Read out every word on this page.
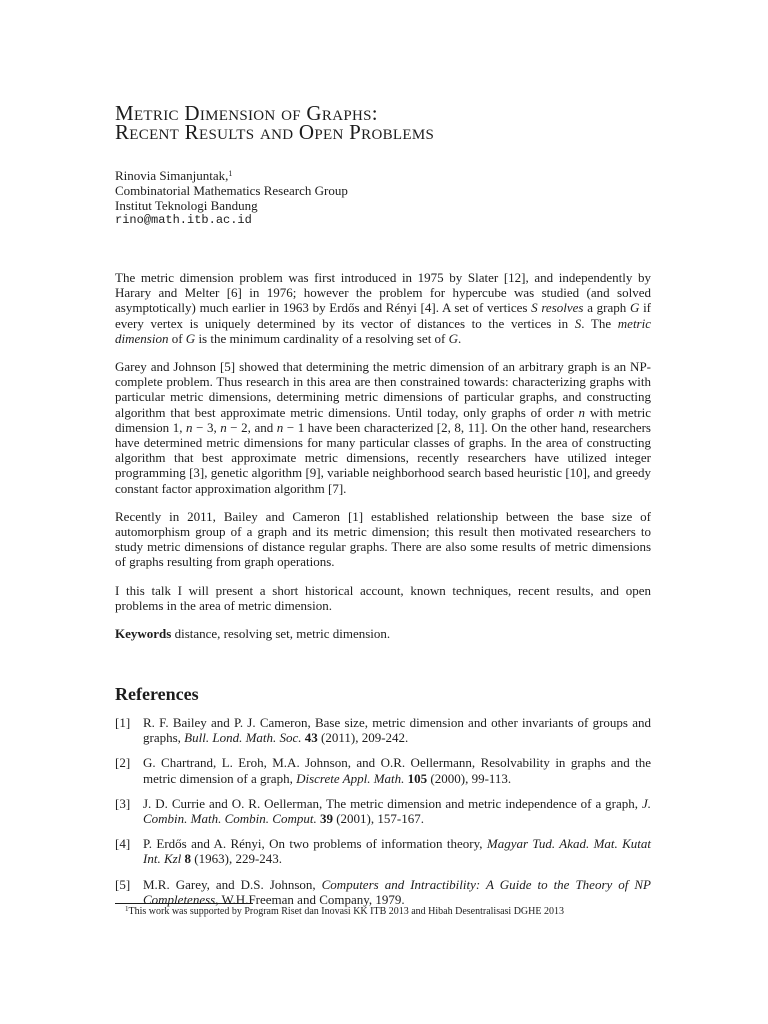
Metric Dimension of Graphs:
Recent Results and Open Problems
Rinovia Simanjuntak,$^1$
Combinatorial Mathematics Research Group
Institut Teknologi Bandung
rino@math.itb.ac.id

The metric dimension problem was first introduced in 1975 by Slater [12], and independently by Harary and Melter [6] in 1976; however the problem for hypercube was studied (and solved asymptotically) much earlier in 1963 by Erdős and Rényi [4]. A set of vertices S resolves a graph G if every vertex is uniquely determined by its vector of distances to the vertices in S. The metric dimension of G is the minimum cardinality of a resolving set of G.

Garey and Johnson [5] showed that determining the metric dimension of an arbitrary graph is an NP-complete problem. Thus research in this area are then constrained towards: characterizing graphs with particular metric dimensions, determining metric dimensions of particular graphs, and constructing algorithm that best approximate metric dimensions. Until today, only graphs of order n with metric dimension 1, n − 3, n − 2, and n − 1 have been characterized [2, 8, 11]. On the other hand, researchers have determined metric dimensions for many particular classes of graphs. In the area of constructing algorithm that best approximate metric dimensions, recently researchers have utilized integer programming [3], genetic algorithm [9], variable neighborhood search based heuristic [10], and greedy constant factor approximation algorithm [7].

Recently in 2011, Bailey and Cameron [1] established relationship between the base size of automorphism group of a graph and its metric dimension; this result then motivated researchers to study metric dimensions of distance regular graphs. There are also some results of metric dimensions of graphs resulting from graph operations.

I this talk I will present a short historical account, known techniques, recent results, and open problems in the area of metric dimension.

Keywords distance, resolving set, metric dimension.

References
[1] R. F. Bailey and P. J. Cameron, Base size, metric dimension and other invariants of groups and graphs, Bull. Lond. Math. Soc. 43 (2011), 209-242.
[2] G. Chartrand, L. Eroh, M.A. Johnson, and O.R. Oellermann, Resolvability in graphs and the metric dimension of a graph, Discrete Appl. Math. 105 (2000), 99-113.
[3] J. D. Currie and O. R. Oellerman, The metric dimension and metric independence of a graph, J. Combin. Math. Combin. Comput. 39 (2001), 157-167.
[4] P. Erdős and A. Rényi, On two problems of information theory, Magyar Tud. Akad. Mat. Kutat Int. Kzl 8 (1963), 229-243.
[5] M.R. Garey, and D.S. Johnson, Computers and Intractibility: A Guide to the Theory of NP Completeness, W.H.Freeman and Company, 1979.
$^1$This work was supported by Program Riset dan Inovasi KK ITB 2013 and Hibah Desentralisasi DGHE 2013
